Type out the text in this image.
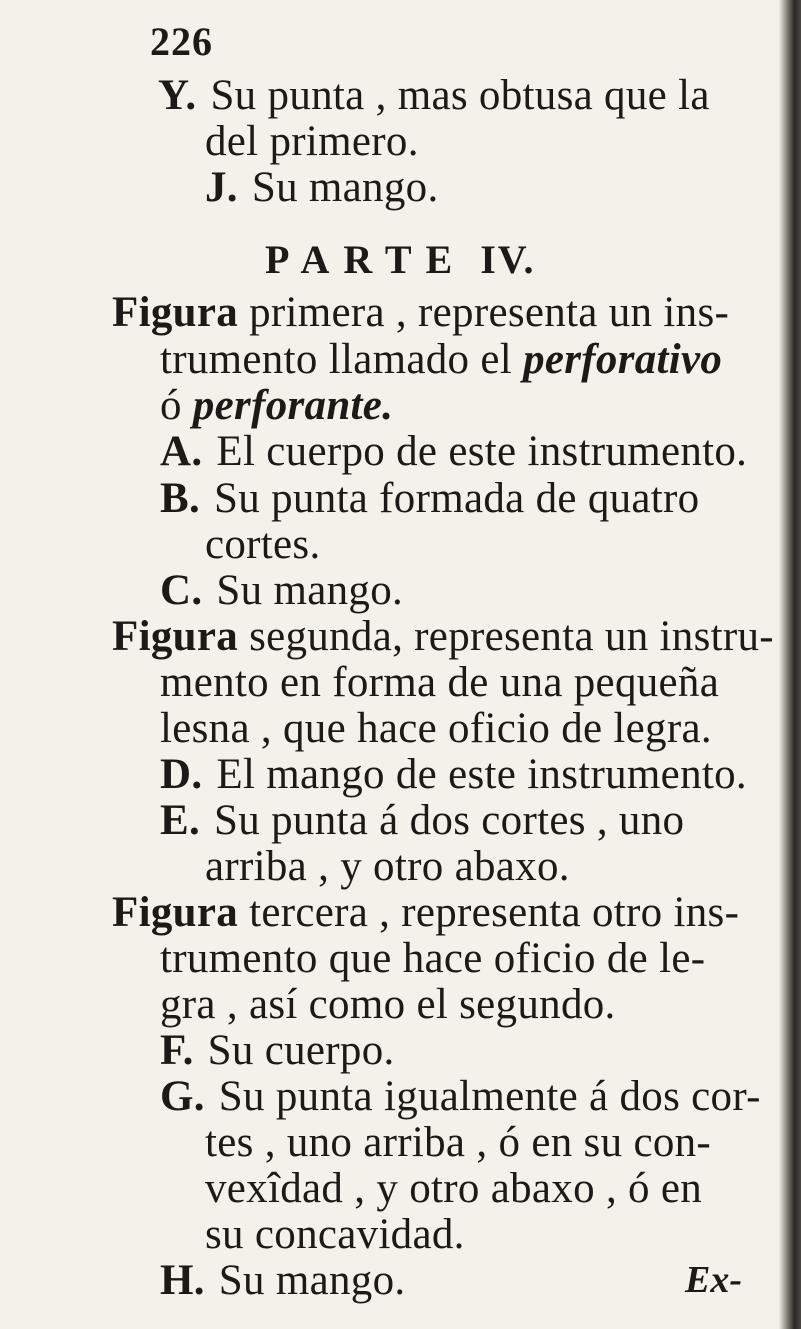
226
Y. Su punta , mas obtusa que la
del primero.
J. Su mango.
PARTE IV.
Figura primera , representa un ins-
trumento llamado el perforativo
ó perforante.
A. El cuerpo de este instrumento.
B. Su punta formada de quatro
cortes.
C. Su mango.
Figura segunda, representa un instru-
mento en forma de una pequeña
lesna , que hace oficio de legra.
D. El mango de este instrumento.
E. Su punta á dos cortes , uno
arriba , y otro abaxo.
Figura tercera , representa otro ins-
trumento que hace oficio de le-
gra , así como el segundo.
F. Su cuerpo.
G. Su punta igualmente á dos cor-
tes , uno arriba , ó en su con-
vexîdad , y otro abaxo , ó en
su concavidad.
H. Su mango.	Ex-
